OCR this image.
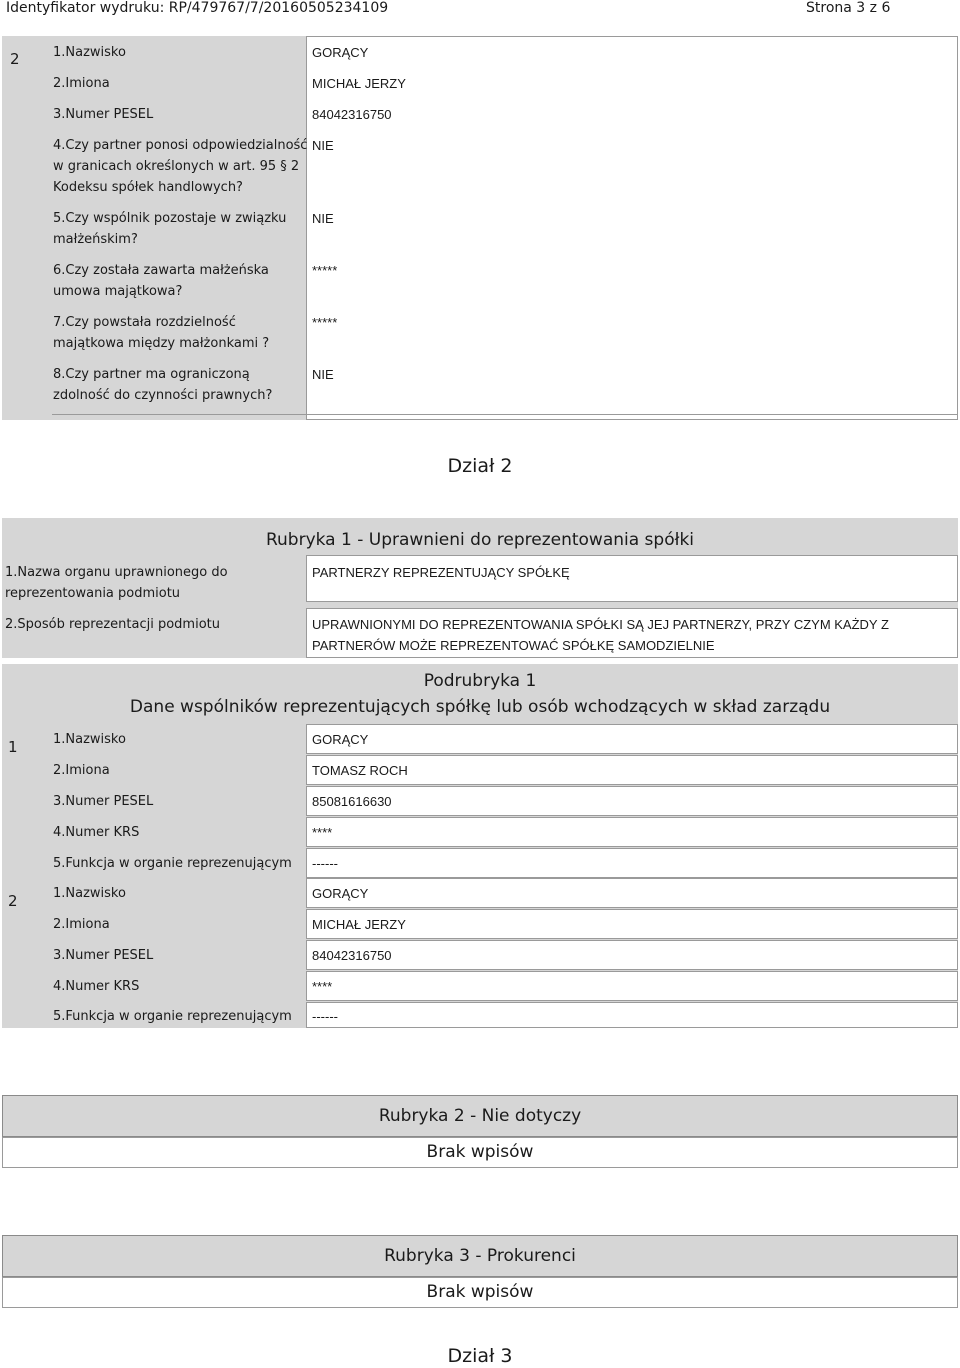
Identyfikator wydruku: RP/479767/7/20160505234109	Strona 3 z 6
2	1.Nazwisko	GORĄCY
2.Imiona	MICHAŁ JERZY
3.Numer PESEL	84042316750
4.Czy partner ponosi odpowiedzialność
w granicach określonych w art. 95 § 2
Kodeksu spółek handlowych?
NIE
5.Czy wspólnik pozostaje w związku
małżeńskim?
NIE
6.Czy została zawarta małżeńska
umowa majątkowa?
*****
7.Czy powstała rozdzielność
majątkowa między małżonkami ?
*****
8.Czy partner ma ograniczoną
zdolność do czynności prawnych?
NIE
Dział 2
Rubryka 1 - Uprawnieni do reprezentowania spółki
1.Nazwa organu uprawnionego do
reprezentowania podmiotu
PARTNERZY REPREZENTUJĄCY SPÓŁKĘ
2.Sposób reprezentacji podmiotu	UPRAWNIONYMI DO REPREZENTOWANIA SPÓŁKI SĄ JEJ PARTNERZY, PRZY CZYM KAŻDY Z
PARTNERÓW MOŻE REPREZENTOWAĆ SPÓŁKĘ SAMODZIELNIE
Podrubryka 1
Dane wspólników reprezentujących spółkę lub osób wchodzących w skład zarządu
1	1.Nazwisko	GORĄCY
2.Imiona	TOMASZ ROCH
3.Numer PESEL	85081616630
4.Numer KRS	****
5.Funkcja w organie reprezenującym ------
2	1.Nazwisko	GORĄCY
2.Imiona	MICHAŁ JERZY
3.Numer PESEL	84042316750
4.Numer KRS	****
5.Funkcja w organie reprezenującym ------
Rubryka 2 - Nie dotyczy
Brak wpisów
Rubryka 3 - Prokurenci
Brak wpisów
Dział 3
